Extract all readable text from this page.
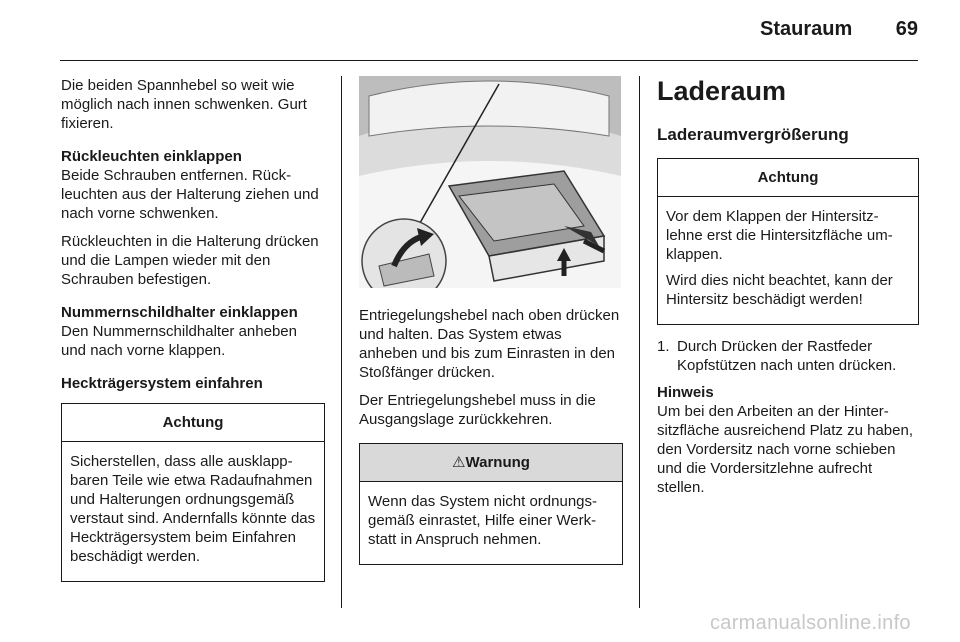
Stauraum	69

Die beiden Spannhebel so weit wie möglich nach innen schwenken. Gurt fixieren.

Rückleuchten einklappen

Beide Schrauben entfernen. Rückleuchten aus der Halterung ziehen und nach vorne schwenken.

Rückleuchten in die Halterung drücken und die Lampen wieder mit den Schrauben befestigen.

Nummernschildhalter einklappen

Den Nummernschildhalter anheben und nach vorne klappen.

Heckträgersystem einfahren

Achtung

Sicherstellen, dass alle ausklappbaren Teile wie etwa Radaufnahmen und Halterungen ordnungsgemäß verstaut sind. Andernfalls könnte das Heckträgersystem beim Einfahren beschädigt werden.

Entriegelungshebel nach oben drücken und halten. Das System etwas anheben und bis zum Einrasten in den Stoßfänger drücken.

Der Entriegelungshebel muss in die Ausgangslage zurückkehren.

⚠Warnung

Wenn das System nicht ordnungsgemäß einrastet, Hilfe einer Werkstatt in Anspruch nehmen.

Laderaum
Laderaumvergrößerung
Achtung

Vor dem Klappen der Hintersitzlehne erst die Hintersitzfläche umklappen.

Wird dies nicht beachtet, kann der Hintersitz beschädigt werden!

1. Durch Drücken der Rastfeder Kopfstützen nach unten drücken.

Hinweis

Um bei den Arbeiten an der Hintersitzfläche ausreichend Platz zu haben, den Vordersitz nach vorne schieben und die Vordersitzlehne aufrecht stellen.

carmanualsonline.info
